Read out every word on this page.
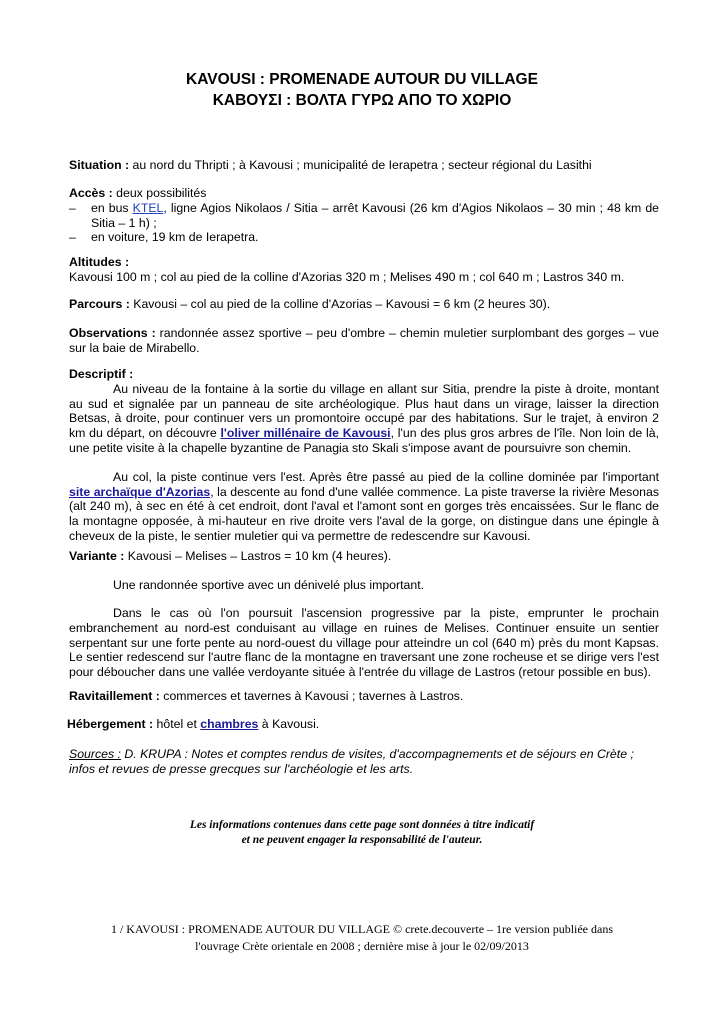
KAVOUSI : PROMENADE AUTOUR DU VILLAGE
ΚΑΒΟΥΣΙ : ΒΟΛΤΑ ΓΥΡΩ ΑΠΟ ΤΟ ΧΩΡΙΟ
Situation : au nord du Thripti ; à Kavousi ; municipalité de Ierapetra ; secteur régional du Lasithi
Accès : deux possibilités
– en bus KTEL, ligne Agios Nikolaos / Sitia – arrêt Kavousi (26 km d'Agios Nikolaos – 30 min ; 48 km de Sitia – 1 h) ;
– en voiture, 19 km de Ierapetra.
Altitudes :
Kavousi 100 m ; col au pied de la colline d'Azorias 320 m ; Melises 490 m ; col 640 m ; Lastros 340 m.
Parcours : Kavousi – col au pied de la colline d'Azorias – Kavousi = 6 km (2 heures 30).
Observations : randonnée assez sportive – peu d'ombre – chemin muletier surplombant des gorges – vue sur la baie de Mirabello.
Descriptif :
Au niveau de la fontaine à la sortie du village en allant sur Sitia, prendre la piste à droite, montant au sud et signalée par un panneau de site archéologique. Plus haut dans un virage, laisser la direction Betsas, à droite, pour continuer vers un promontoire occupé par des habitations. Sur le trajet, à environ 2 km du départ, on découvre l'oliver millénaire de Kavousi, l'un des plus gros arbres de l'île. Non loin de là, une petite visite à la chapelle byzantine de Panagia sto Skali s'impose avant de poursuivre son chemin.
Au col, la piste continue vers l'est. Après être passé au pied de la colline dominée par l'important site archaïque d'Azorias, la descente au fond d'une vallée commence. La piste traverse la rivière Mesonas (alt 240 m), à sec en été à cet endroit, dont l'aval et l'amont sont en gorges très encaissées. Sur le flanc de la montagne opposée, à mi-hauteur en rive droite vers l'aval de la gorge, on distingue dans une épingle à cheveux de la piste, le sentier muletier qui va permettre de redescendre sur Kavousi.
Variante : Kavousi – Melises – Lastros = 10 km (4 heures).
Une randonnée sportive avec un dénivelé plus important.
Dans le cas où l'on poursuit l'ascension progressive par la piste, emprunter le prochain embranchement au nord-est conduisant au village en ruines de Melises. Continuer ensuite un sentier serpentant sur une forte pente au nord-ouest du village pour atteindre un col (640 m) près du mont Kapsas. Le sentier redescend sur l'autre flanc de la montagne en traversant une zone rocheuse et se dirige vers l'est pour déboucher dans une vallée verdoyante située à l'entrée du village de Lastros (retour possible en bus).
Ravitaillement : commerces et tavernes à Kavousi ; tavernes à Lastros.
Hébergement : hôtel et chambres à Kavousi.
Sources : D. KRUPA : Notes et comptes rendus de visites, d'accompagnements et de séjours en Crète ; infos et revues de presse grecques sur l'archéologie et les arts.
Les informations contenues dans cette page sont données à titre indicatif
et ne peuvent engager la responsabilité de l'auteur.
1 / KAVOUSI : PROMENADE AUTOUR DU VILLAGE © crete.decouverte – 1re version publiée dans
l'ouvrage Crète orientale en 2008 ; dernière mise à jour le 02/09/2013
